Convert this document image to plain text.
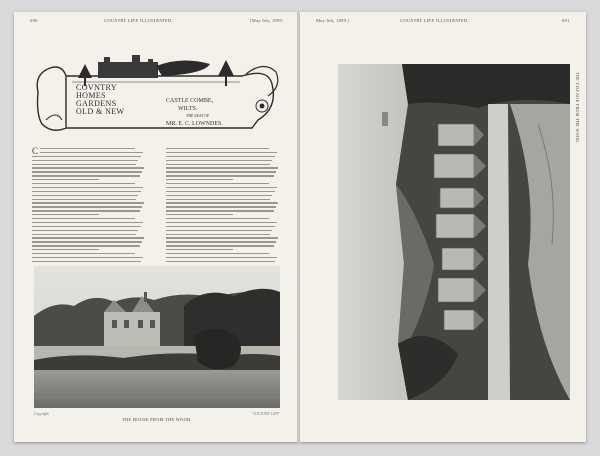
680	COUNTRY LIFE ILLUSTRATED.	[May 6th, 1899.
COVNTRY
HOMES
GARDENS
OLD & NEW
CASTLE COMBE,
WILTS.
THE SEAT OF
MR. E. C. LOWNDES.
C
Copyright	"COUNTRY LIFE"
THE HOUSE FROM THE WOOD.
May 6th, 1899.]	COUNTRY LIFE ILLUSTRATED.	681
THE VILLAGE FROM THE WOOD.
